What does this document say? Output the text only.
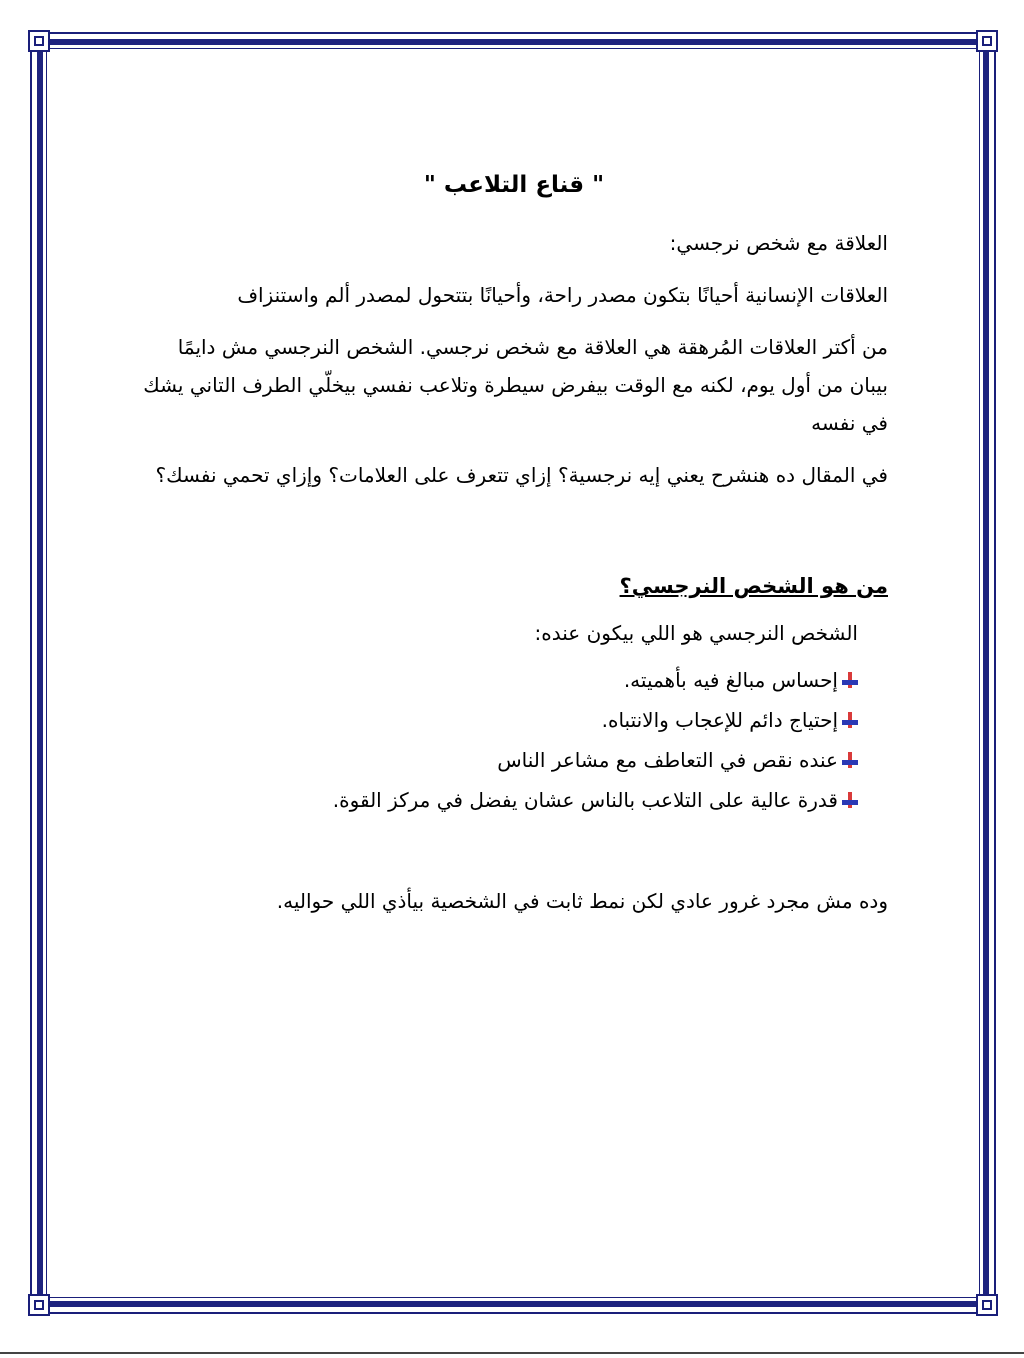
" قناع التلاعب "

العلاقة مع شخص نرجسي:

العلاقات الإنسانية أحيانًا بتكون مصدر راحة، وأحيانًا بتتحول لمصدر ألم واستنزاف

من أكتر العلاقات المُرهقة هي العلاقة مع شخص نرجسي. الشخص النرجسي مش دايمًا بيبان من أول يوم، لكنه مع الوقت بيفرض سيطرة وتلاعب نفسي بيخلّي الطرف التاني يشك في نفسه

في المقال ده هنشرح يعني إيه نرجسية؟ إزاي تتعرف على العلامات؟ وإزاي تحمي نفسك؟

من هو الشخص النرجسي؟

الشخص النرجسي هو اللي بيكون عنده:

إحساس مبالغ فيه بأهميته.
إحتياج دائم للإعجاب والانتباه.
عنده نقص في التعاطف مع مشاعر الناس
قدرة عالية على التلاعب بالناس عشان يفضل في مركز القوة.

وده مش مجرد غرور عادي لكن نمط ثابت في الشخصية بيأذي اللي حواليه.
